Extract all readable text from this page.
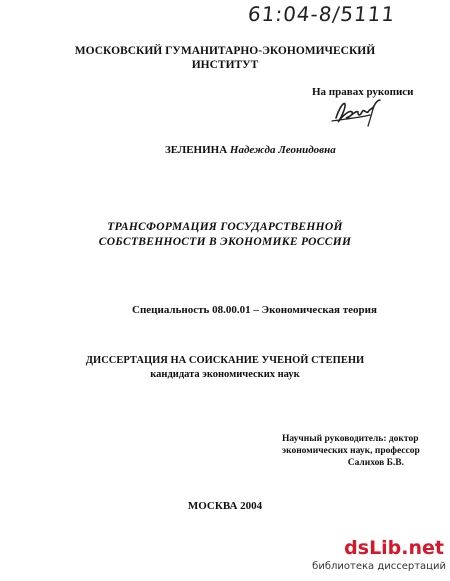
61:04-8/5111
МОСКОВСКИЙ ГУМАНИТАРНО-ЭКОНОМИЧЕСКИЙ
ИНСТИТУТ
На правах рукописи
ЗЕЛЕНИНА Надежда Леонидовна
ТРАНСФОРМАЦИЯ ГОСУДАРСТВЕННОЙ
СОБСТВЕННОСТИ В ЭКОНОМИКЕ РОССИИ
Специальность 08.00.01 – Экономическая теория
ДИССЕРТАЦИЯ НА СОИСКАНИЕ УЧЕНОЙ СТЕПЕНИ
кандидата экономических наук
Научный руководитель: доктор
экономических наук, профессор
Салихов Б.В.
МОСКВА 2004
dsLib.net
библиотека диссертаций
